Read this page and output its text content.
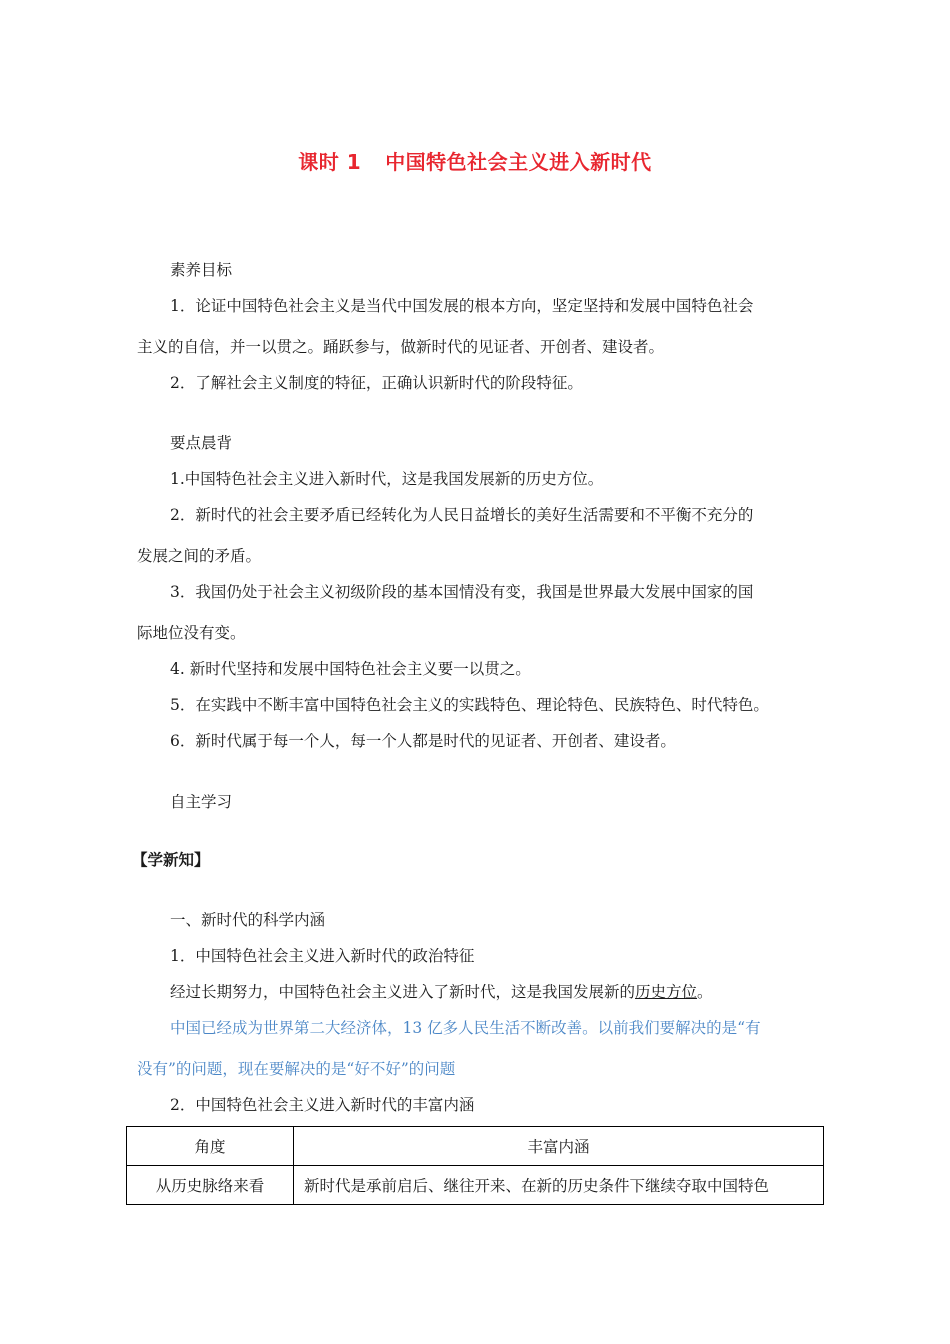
课时 1 中国特色社会主义进入新时代
素养目标
1．论证中国特色社会主义是当代中国发展的根本方向，坚定坚持和发展中国特色社会
主义的自信，并一以贯之。踊跃参与，做新时代的见证者、开创者、建设者。
2．了解社会主义制度的特征，正确认识新时代的阶段特征。
要点晨背
1.中国特色社会主义进入新时代，这是我国发展新的历史方位。
2．新时代的社会主要矛盾已经转化为人民日益增长的美好生活需要和不平衡不充分的
发展之间的矛盾。
3．我国仍处于社会主义初级阶段的基本国情没有变，我国是世界最大发展中国家的国
际地位没有变。
4. 新时代坚持和发展中国特色社会主义要一以贯之。
5．在实践中不断丰富中国特色社会主义的实践特色、理论特色、民族特色、时代特色。
6．新时代属于每一个人，每一个人都是时代的见证者、开创者、建设者。
自主学习
【学新知】
一、新时代的科学内涵
1．中国特色社会主义进入新时代的政治特征
经过长期努力，中国特色社会主义进入了新时代，这是我国发展新的历史方位。
中国已经成为世界第二大经济体，13 亿多人民生活不断改善。以前我们要解决的是“有
没有”的问题，现在要解决的是“好不好”的问题
2．中国特色社会主义进入新时代的丰富内涵
角度	丰富内涵
从历史脉络来看	新时代是承前启后、继往开来、在新的历史条件下继续夺取中国特色
